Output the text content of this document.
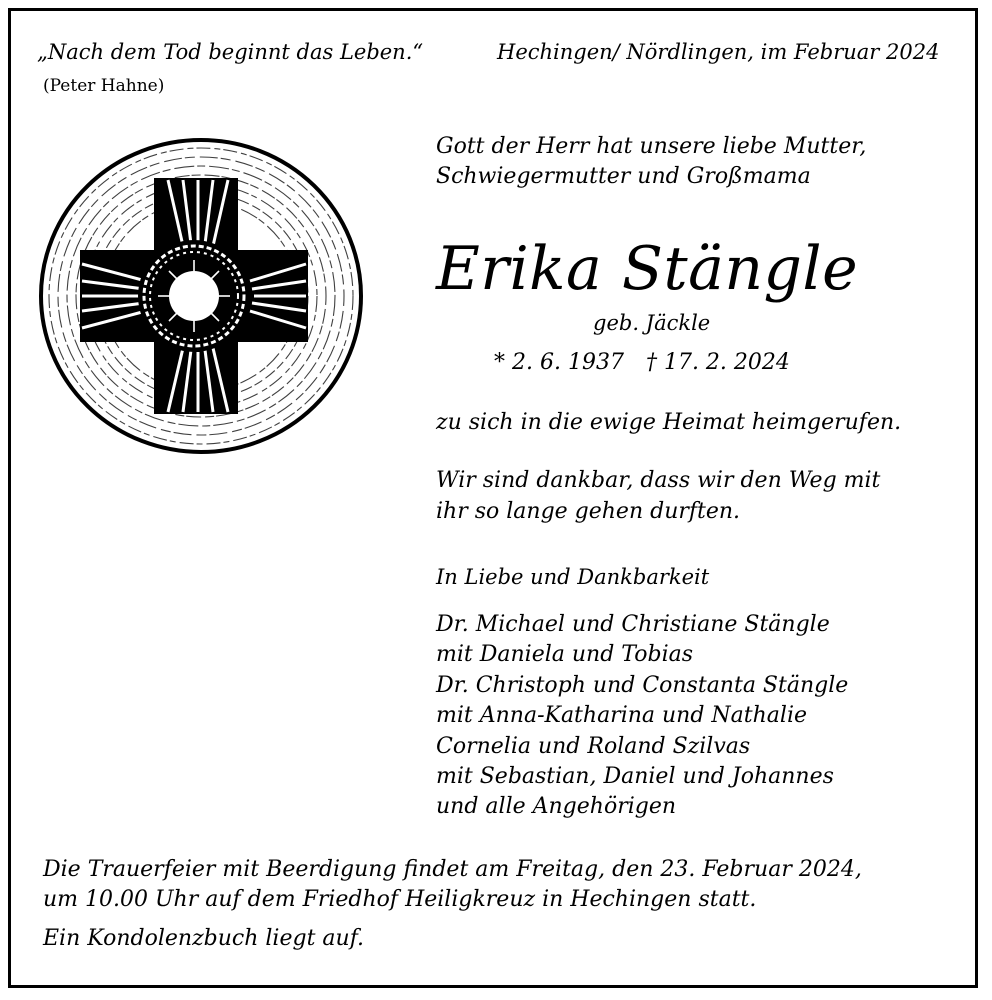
„Nach dem Tod beginnt das Leben.“
(Peter Hahne)
Hechingen/ Nördlingen, im Februar 2024
Gott der Herr hat unsere liebe Mutter,
Schwiegermutter und Großmama
Erika Stängle
geb. Jäckle
* 2. 6. 1937 † 17. 2. 2024
zu sich in die ewige Heimat heimgerufen.
Wir sind dankbar, dass wir den Weg mit
ihr so lange gehen durften.
In Liebe und Dankbarkeit
Dr. Michael und Christiane Stängle
mit Daniela und Tobias
Dr. Christoph und Constanta Stängle
mit Anna-Katharina und Nathalie
Cornelia und Roland Szilvas
mit Sebastian, Daniel und Johannes
und alle Angehörigen
Die Trauerfeier mit Beerdigung findet am Freitag, den 23. Februar 2024,
um 10.00 Uhr auf dem Friedhof Heiligkreuz in Hechingen statt.
Ein Kondolenzbuch liegt auf.
